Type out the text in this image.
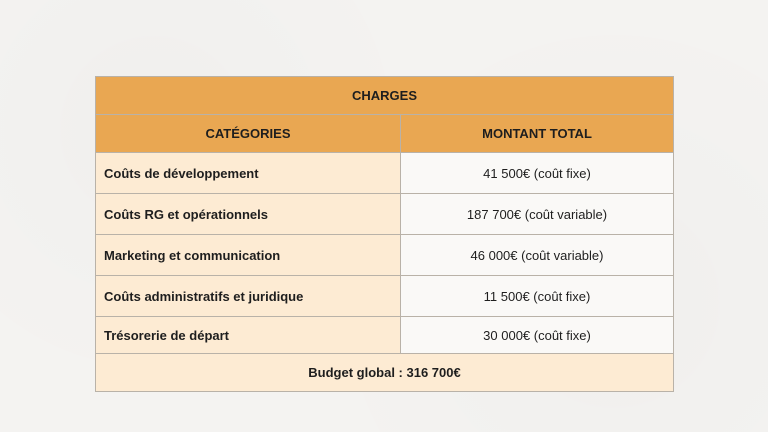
CHARGES	
CATÉGORIES	MONTANT TOTAL
Coûts de développement	41 500€ (coût fixe)
Coûts RG et opérationnels	187 700€ (coût variable)
Marketing et communication	46 000€ (coût variable)
Coûts administratifs et juridique	11 500€ (coût fixe)
Trésorerie de départ	30 000€ (coût fixe)
Budget global : 316 700€	
